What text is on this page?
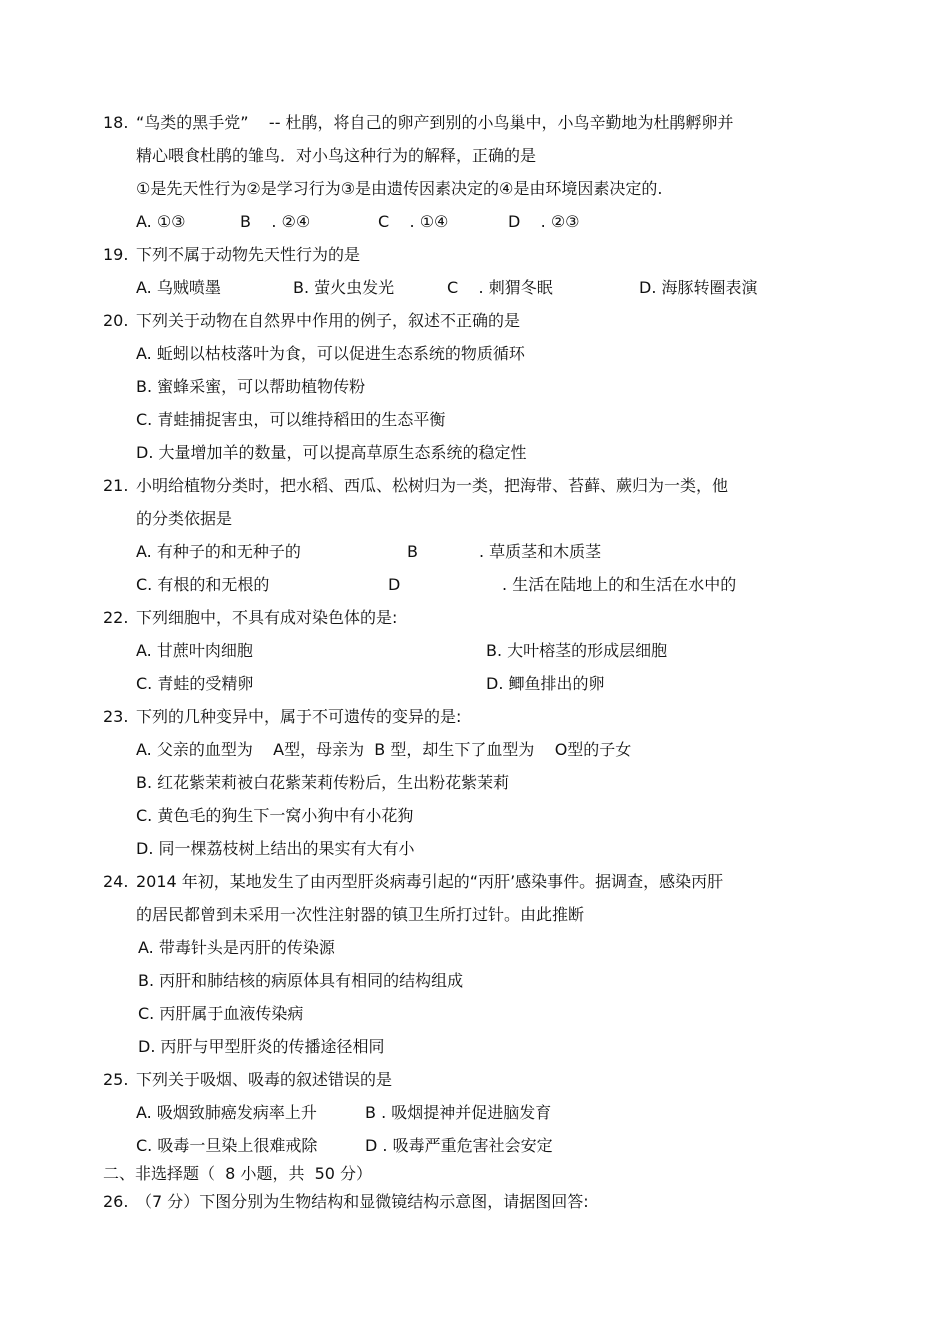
18. “鸟类的黑手党”    -- 杜鹃，将自己的卵产到别的小鸟巢中，小鸟辛勤地为杜鹃孵卵并
精心喂食杜鹃的雏鸟．对小鸟这种行为的解释，正确的是
①是先天性行为②是学习行为③是由遗传因素决定的④是由环境因素决定的.
A. ①③	B    . ②④	C    . ①④	D    . ②③
19. 下列不属于动物先天性行为的是
A. 乌贼喷墨	B. 萤火虫发光	C    . 刺猬冬眠	D. 海豚转圈表演
20. 下列关于动物在自然界中作用的例子，叙述不正确的是
A. 蚯蚓以枯枝落叶为食，可以促进生态系统的物质循环
B. 蜜蜂采蜜，可以帮助植物传粉
C. 青蛙捕捉害虫，可以维持稻田的生态平衡
D. 大量增加羊的数量，可以提高草原生态系统的稳定性
21. 小明给植物分类时，把水稻、西瓜、松树归为一类，把海带、苔藓、蕨归为一类，他
的分类依据是
A. 有种子的和无种子的	B            . 草质茎和木质茎
C. 有根的和无根的	D                    . 生活在陆地上的和生活在水中的
22. 下列细胞中，不具有成对染色体的是:
A. 甘蔗叶肉细胞	B. 大叶榕茎的形成层细胞
C. 青蛙的受精卵	D. 鲫鱼排出的卵
23. 下列的几种变异中，属于不可遗传的变异的是:
A. 父亲的血型为    A型，母亲为  B 型，却生下了血型为    O型的子女
B. 红花紫茉莉被白花紫茉莉传粉后，生出粉花紫茉莉
C. 黄色毛的狗生下一窝小狗中有小花狗
D. 同一棵荔枝树上结出的果实有大有小
24. 2014 年初，某地发生了由丙型肝炎病毒引起的“丙肝’感染事件。据调查，感染丙肝
的居民都曾到未采用一次性注射器的镇卫生所打过针。由此推断
A. 带毒针头是丙肝的传染源
B. 丙肝和肺结核的病原体具有相同的结构组成
C. 丙肝属于血液传染病
D. 丙肝与甲型肝炎的传播途径相同
25. 下列关于吸烟、吸毒的叙述错误的是
A. 吸烟致肺癌发病率上升	B . 吸烟提神并促进脑发育
C. 吸毒一旦染上很难戒除	D . 吸毒严重危害社会安定
二、非选择题（  8 小题，共  50 分）
26. （7 分）下图分别为生物结构和显微镜结构示意图，请据图回答:
